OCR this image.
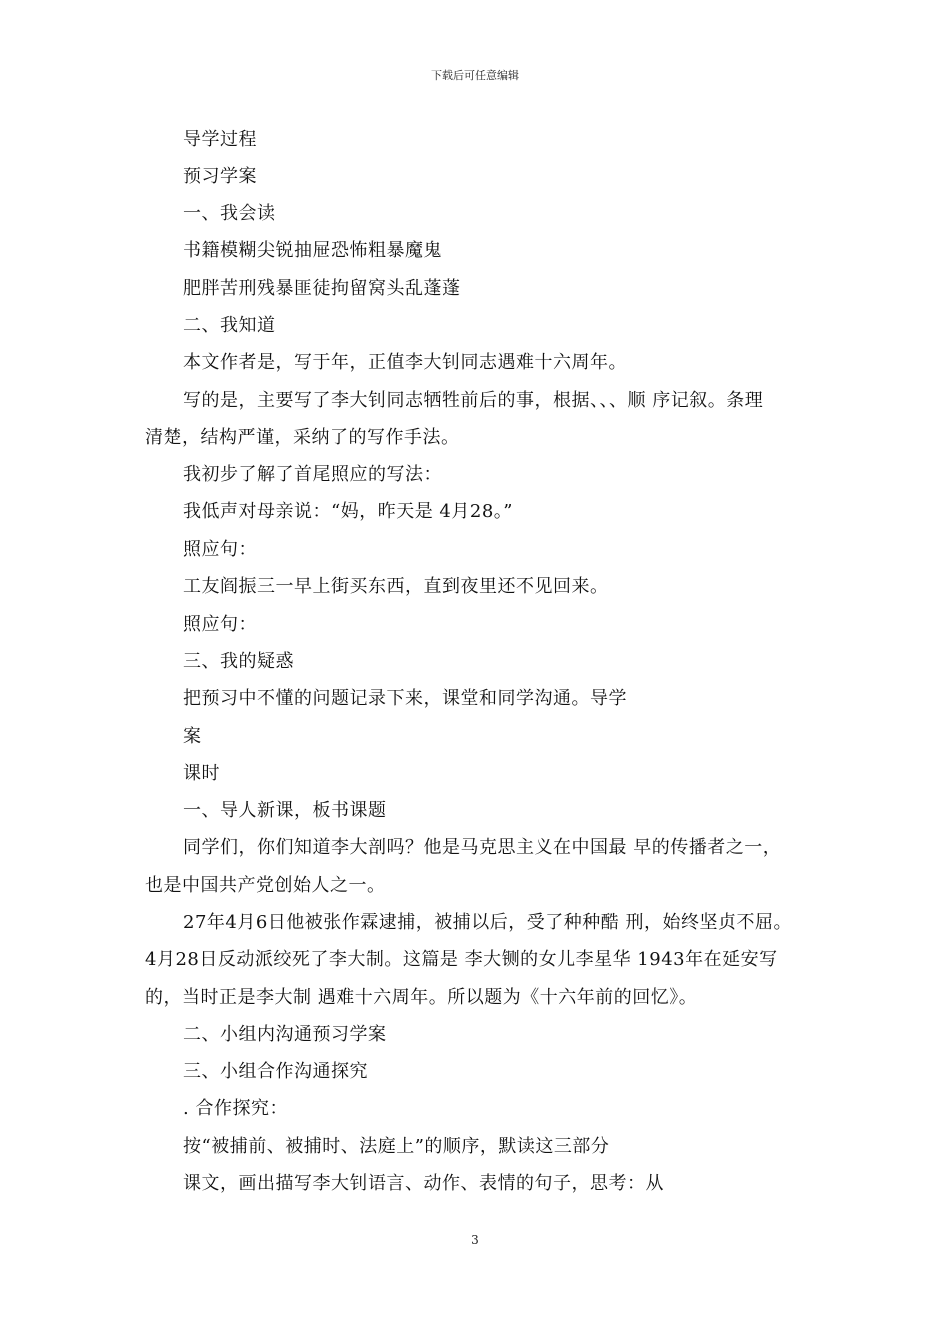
下载后可任意编辑
导学过程
预习学案
一、我会读
书籍模糊尖锐抽屉恐怖粗暴魔鬼
肥胖苦刑残暴匪徒拘留窝头乱蓬蓬
二、我知道
本文作者是，写于年，正值李大钊同志遇难十六周年。
写的是，主要写了李大钊同志牺牲前后的事，根据、、、顺 序记叙。条理
清楚，结构严谨，采纳了的写作手法。
我初步了解了首尾照应的写法：
我低声对母亲说：“妈，昨天是 4月28。”
照应句：
工友阎振三一早上街买东西，直到夜里还不见回来。
照应句：
三、我的疑惑
把预习中不懂的问题记录下来，课堂和同学沟通。导学
案
课时
一、导人新课，板书课题
同学们，你们知道李大剖吗？他是马克思主义在中国最 早的传播者之一，
也是中国共产党创始人之一。
27年4月6日他被张作霖逮捕，被捕以后，受了种种酷 刑，始终坚贞不屈。
4月28日反动派绞死了李大制。这篇是 李大铡的女儿李星华 1943年在延安写
的，当时正是李大制 遇难十六周年。所以题为《十六年前的回忆》。
二、小组内沟通预习学案
三、小组合作沟通探究
. 合作探究：
按“被捕前、被捕时、法庭上”的顺序，默读这三部分
课文，画出描写李大钊语言、动作、表情的句子，思考：从
3
